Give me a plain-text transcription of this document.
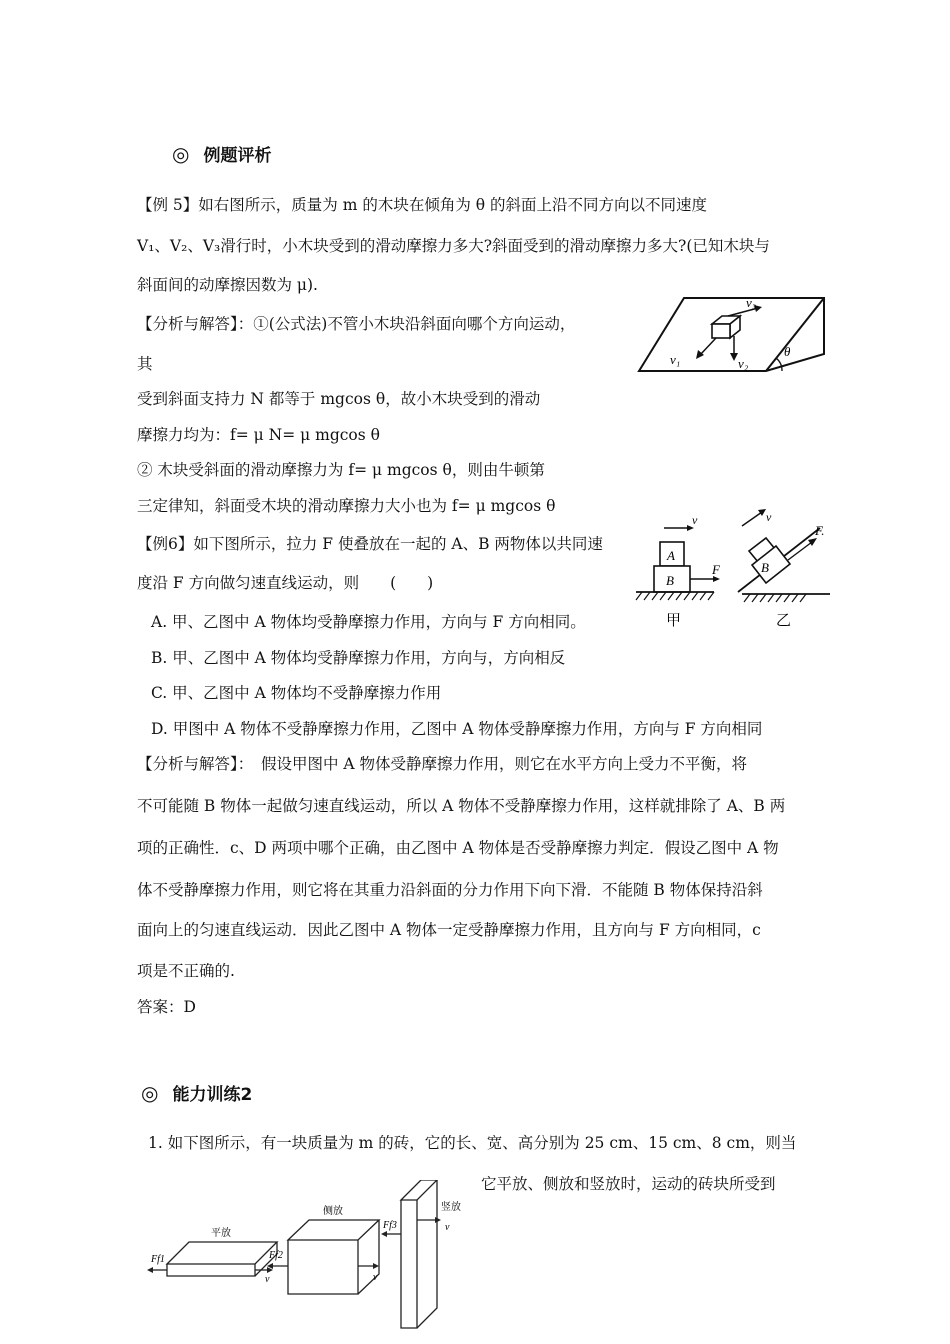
◎ 例题评析
【例 5】如右图所示，质量为 m 的木块在倾角为 θ 的斜面上沿不同方向以不同速度
V₁、V₂、V₃滑行时，小木块受到的滑动摩擦力多大?斜面受到的滑动摩擦力多大?(已知木块与
斜面间的动摩擦因数为 μ).
【分析与解答】：①(公式法)不管小木块沿斜面向哪个方向运动，
其
受到斜面支持力 N 都等于 mgcos θ，故小木块受到的滑动
摩擦力均为：f= μ N= μ mgcos θ
② 木块受斜面的滑动摩擦力为 f= μ mgcos θ，则由牛顿第
三定律知，斜面受木块的滑动摩擦力大小也为 f= μ mgcos θ
v₃
v₁	v₂
θ
【例6】如下图所示，拉力 F 使叠放在一起的 A、B 两物体以共同速
度沿 F 方向做匀速直线运动，则　　(　　)
A. 甲、乙图中 A 物体均受静摩擦力作用，方向与 F 方向相同。
B. 甲、乙图中 A 物体均受静摩擦力作用，方向与，方向相反
C. 甲、乙图中 A 物体均不受静摩擦力作用
D. 甲图中 A 物体不受静摩擦力作用，乙图中 A 物体受静摩擦力作用，方向与 F 方向相同
A
B
v
F
甲
v
B
F.
乙
【分析与解答】：　假设甲图中 A 物体受静摩擦力作用，则它在水平方向上受力不平衡，将
不可能随 B 物体一起做匀速直线运动，所以 A 物体不受静摩擦力作用，这样就排除了 A、B 两
项的正确性．c、D 两项中哪个正确，由乙图中 A 物体是否受静摩擦力判定．假设乙图中 A 物
体不受静摩擦力作用，则它将在其重力沿斜面的分力作用下向下滑．不能随 B 物体保持沿斜
面向上的匀速直线运动．因此乙图中 A 物体一定受静摩擦力作用，且方向与 F 方向相同，c
项是不正确的.
答案：D
◎ 能力训练2
1. 如下图所示，有一块质量为 m 的砖，它的长、宽、高分别为 25 cm、15 cm、8 cm，则当
它平放、侧放和竖放时，运动的砖块所受到
平放
侧放	竖放
Ff1
v
Ff2
v
Ff3	v
